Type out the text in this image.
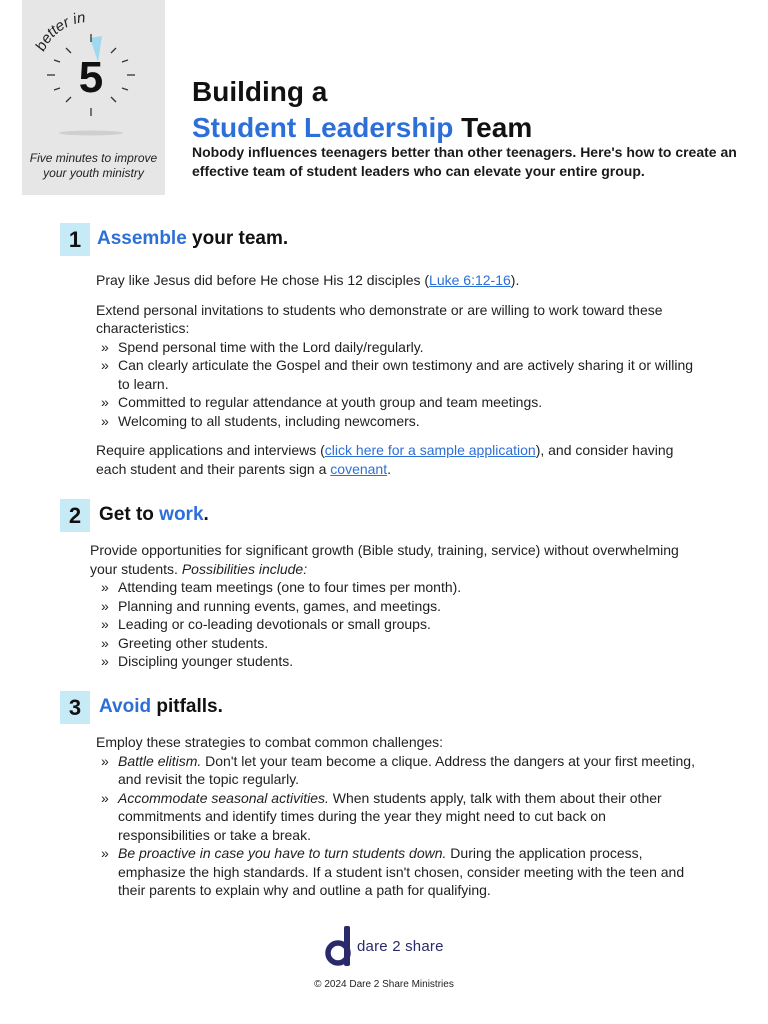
better in
5
Five minutes to improve your youth ministry
Building a
Student Leadership Team
Nobody influences teenagers better than other teenagers. Here's how to create an effective team of student leaders who can elevate your entire group.
1 Assemble your team.

Pray like Jesus did before He chose His 12 disciples (Luke 6:12-16).

Extend personal invitations to students who demonstrate or are willing to work toward these characteristics:

» Spend personal time with the Lord daily/regularly.
» Can clearly articulate the Gospel and their own testimony and are actively sharing it or willing to learn.
» Committed to regular attendance at youth group and team meetings.
» Welcoming to all students, including newcomers.

Require applications and interviews (click here for a sample application), and consider having each student and their parents sign a covenant.

2 Get to work.

Provide opportunities for significant growth (Bible study, training, service) without overwhelming your students. Possibilities include:

» Attending team meetings (one to four times per month).
» Planning and running events, games, and meetings.
» Leading or co-leading devotionals or small groups.
» Greeting other students.
» Discipling younger students.
3 Avoid pitfalls.

Employ these strategies to combat common challenges:

» Battle elitism. Don't let your team become a clique. Address the dangers at your first meeting, and revisit the topic regularly.
» Accommodate seasonal activities. When students apply, talk with them about their other commitments and identify times during the year they might need to cut back on responsibilities or take a break.
» Be proactive in case you have to turn students down. During the application process, emphasize the high standards. If a student isn't chosen, consider meeting with the teen and their parents to explain why and outline a path for qualifying.
dare 2 share
© 2024 Dare 2 Share Ministries
